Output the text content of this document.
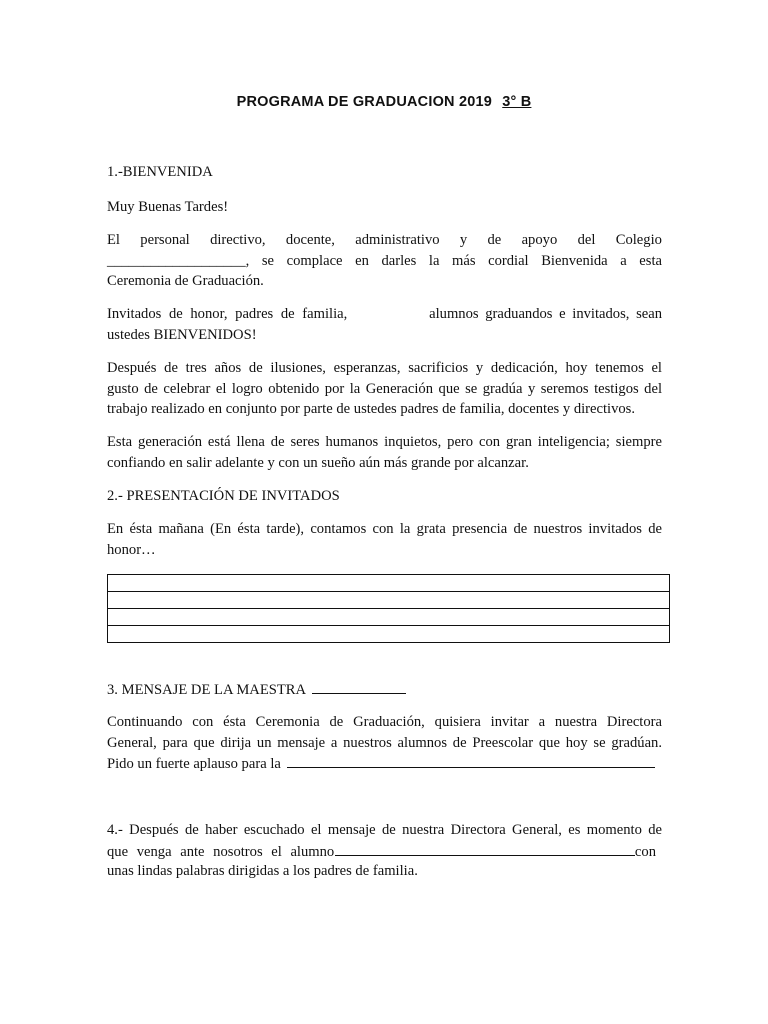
PROGRAMA DE GRADUACION 2019 3° B
1.-BIENVENIDA
Muy Buenas Tardes!
El personal directivo, docente, administrativo y de apoyo del Colegio
___________________, se complace en darles la más cordial Bienvenida a esta
Ceremonia de Graduación.
Invitados de honor, padres de familia,	alumnos graduandos e invitados, sean
ustedes BIENVENIDOS!
Después de tres años de ilusiones, esperanzas, sacrificios y dedicación, hoy tenemos el
gusto de celebrar el logro obtenido por la Generación que se gradúa y seremos testigos del
trabajo realizado en conjunto por parte de ustedes padres de familia, docentes y directivos.
Esta generación está llena de seres humanos inquietos, pero con gran inteligencia; siempre
confiando en salir adelante y con un sueño aún más grande por alcanzar.
2.- PRESENTACIÓN DE INVITADOS
En ésta mañana (En ésta tarde), contamos con la grata presencia de nuestros invitados de
honor…

3. MENSAJE DE LA MAESTRA
Continuando con ésta Ceremonia de Graduación, quisiera invitar a nuestra Directora
General, para que dirija un mensaje a nuestros alumnos de Preescolar que hoy se gradúan.
Pido un fuerte aplauso para la
4.- Después de haber escuchado el mensaje de nuestra Directora General, es momento de
que venga ante nosotros el alumno	con
unas lindas palabras dirigidas a los padres de familia.
